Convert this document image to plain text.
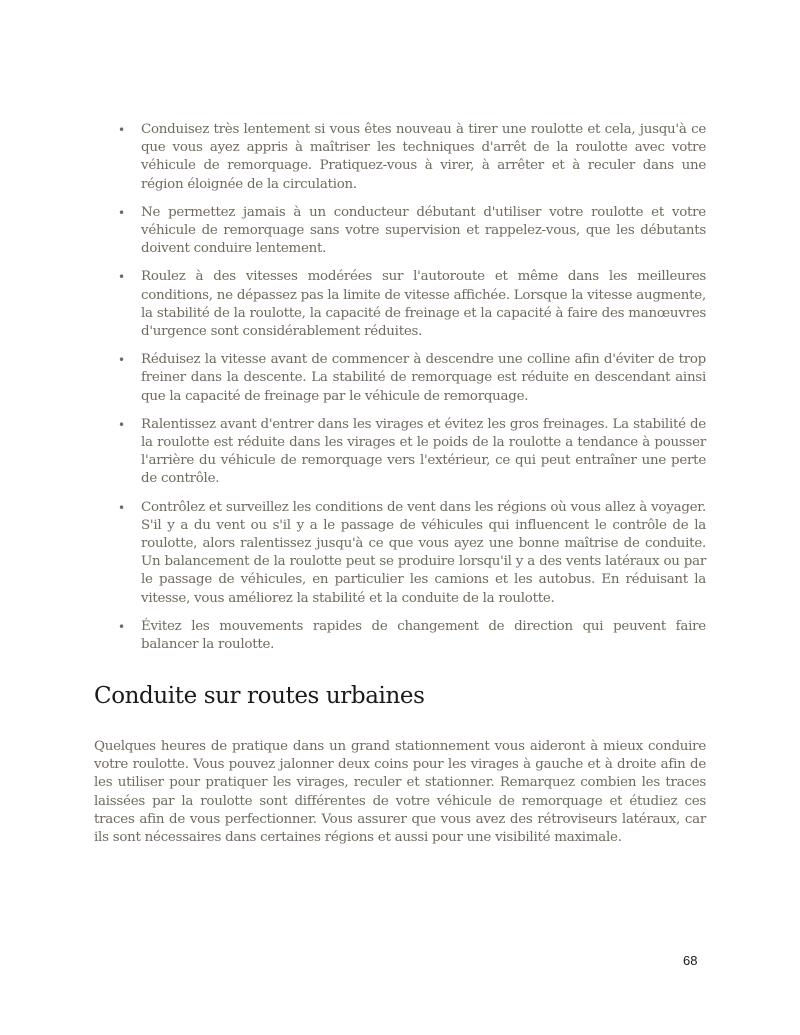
• Conduisez très lentement si vous êtes nouveau à tirer une roulotte et cela, jusqu'à ce que vous ayez appris à maîtriser les techniques d'arrêt de la roulotte avec votre véhicule de remorquage. Pratiquez-vous à virer, à arrêter et à reculer dans une région éloignée de la circulation.
• Ne permettez jamais à un conducteur débutant d'utiliser votre roulotte et votre véhicule de remorquage sans votre supervision et rappelez-vous, que les débutants doivent conduire lentement.
• Roulez à des vitesses modérées sur l'autoroute et même dans les meilleures conditions, ne dépassez pas la limite de vitesse affichée. Lorsque la vitesse augmente, la stabilité de la roulotte, la capacité de freinage et la capacité à faire des manœuvres d'urgence sont considérablement réduites.
• Réduisez la vitesse avant de commencer à descendre une colline afin d'éviter de trop freiner dans la descente. La stabilité de remorquage est réduite en descendant ainsi que la capacité de freinage par le véhicule de remorquage.
• Ralentissez avant d'entrer dans les virages et évitez les gros freinages. La stabilité de la roulotte est réduite dans les virages et le poids de la roulotte a tendance à pousser l'arrière du véhicule de remorquage vers l'extérieur, ce qui peut entraîner une perte de contrôle.
• Contrôlez et surveillez les conditions de vent dans les régions où vous allez à voyager. S'il y a du vent ou s'il y a le passage de véhicules qui influencent le contrôle de la roulotte, alors ralentissez jusqu'à ce que vous ayez une bonne maîtrise de conduite. Un balancement de la roulotte peut se produire lorsqu'il y a des vents latéraux ou par le passage de véhicules, en particulier les camions et les autobus. En réduisant la vitesse, vous améliorez la stabilité et la conduite de la roulotte.
• Évitez les mouvements rapides de changement de direction qui peuvent faire balancer la roulotte.
Conduite sur routes urbaines

Quelques heures de pratique dans un grand stationnement vous aideront à mieux conduire votre roulotte. Vous pouvez jalonner deux coins pour les virages à gauche et à droite afin de les utiliser pour pratiquer les virages, reculer et stationner. Remarquez combien les traces laissées par la roulotte sont différentes de votre véhicule de remorquage et étudiez ces traces afin de vous perfectionner. Vous assurer que vous avez des rétroviseurs latéraux, car ils sont nécessaires dans certaines régions et aussi pour une visibilité maximale.

68
